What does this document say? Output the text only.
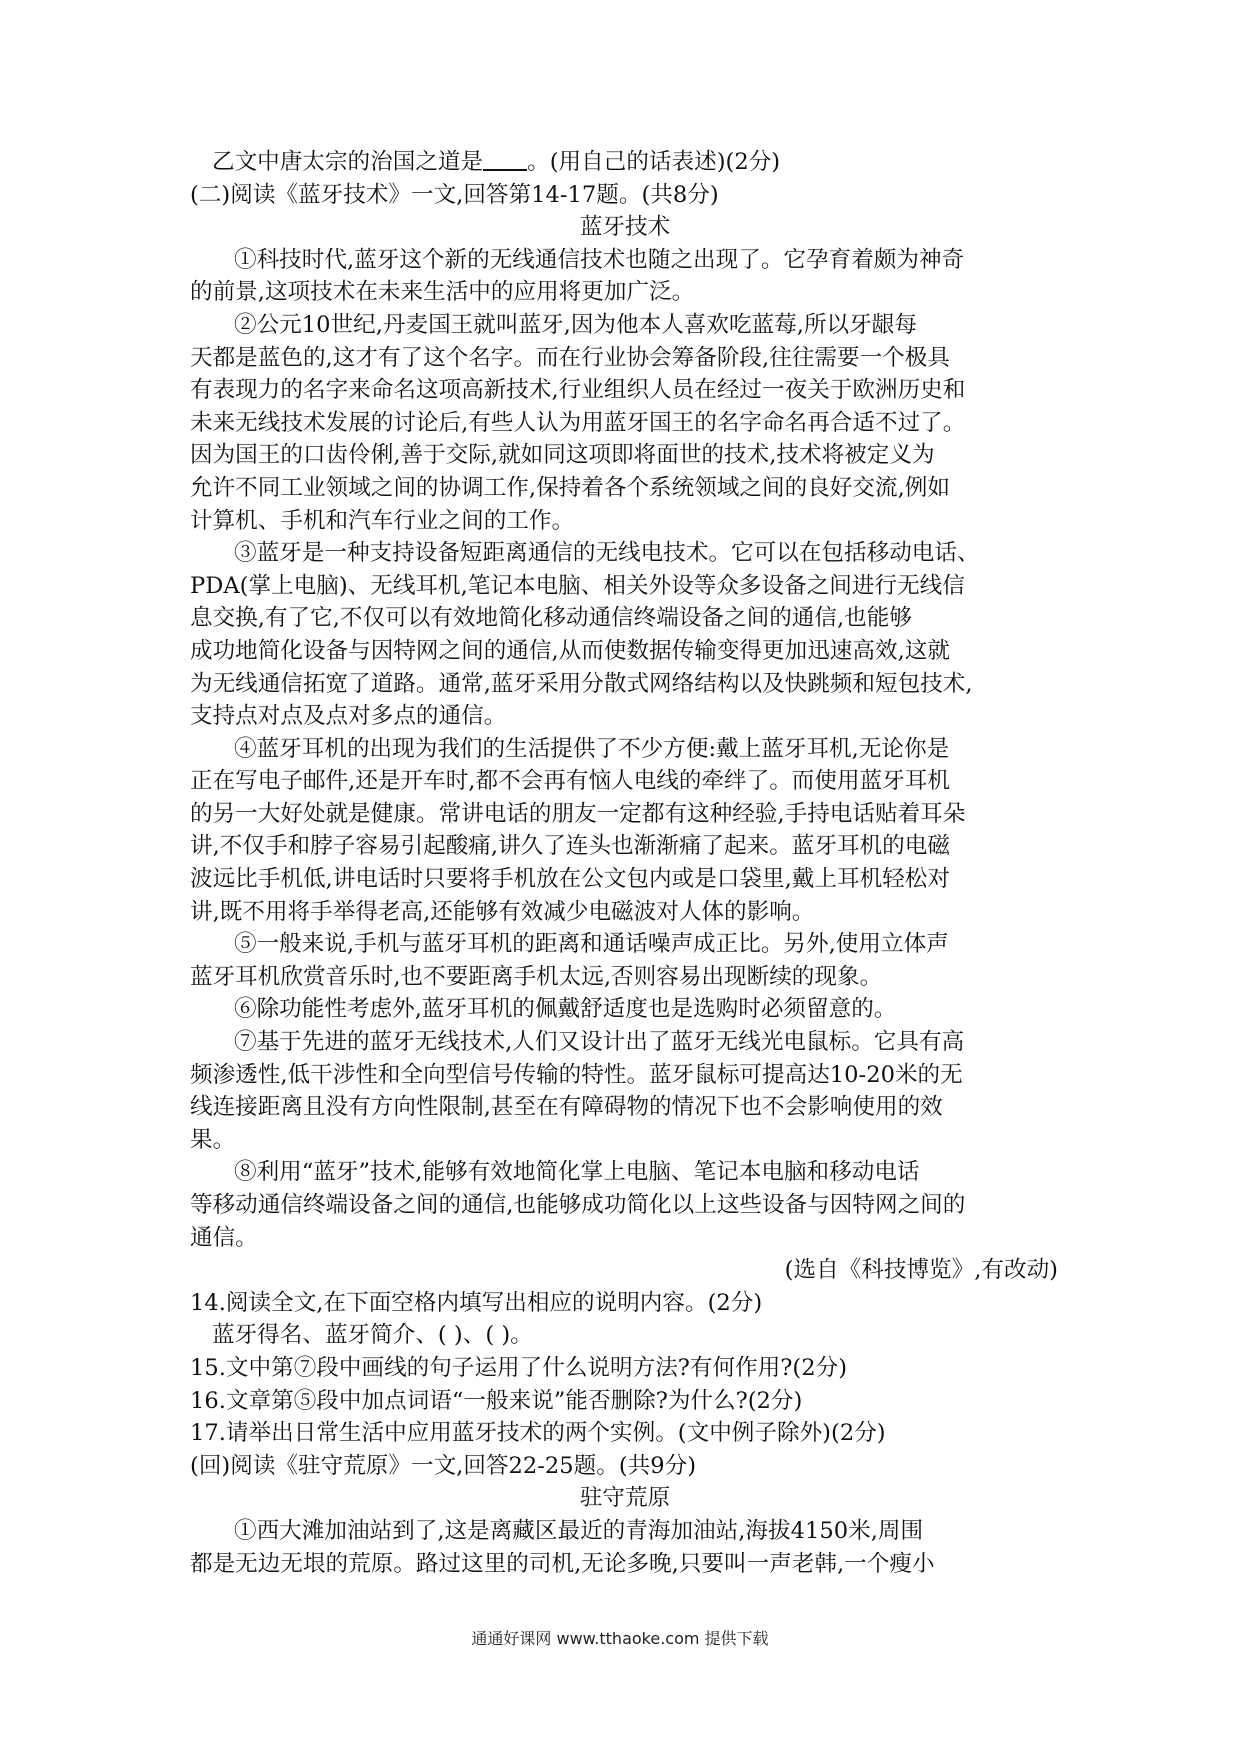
乙文中唐太宗的治国之道是 。(用自己的话表述)(2分)
(二)阅读《蓝牙技术》一文,回答第14-17题。(共8分)
蓝牙技术
①科技时代,蓝牙这个新的无线通信技术也随之出现了。它孕育着颇为神奇
的前景,这项技术在未来生活中的应用将更加广泛。
②公元10世纪,丹麦国王就叫蓝牙,因为他本人喜欢吃蓝莓,所以牙龈每
天都是蓝色的,这才有了这个名字。而在行业协会筹备阶段,往往需要一个极具
有表现力的名字来命名这项高新技术,行业组织人员在经过一夜关于欧洲历史和
未来无线技术发展的讨论后,有些人认为用蓝牙国王的名字命名再合适不过了。
因为国王的口齿伶俐,善于交际,就如同这项即将面世的技术,技术将被定义为
允许不同工业领域之间的协调工作,保持着各个系统领域之间的良好交流,例如
计算机、手机和汽车行业之间的工作。
③蓝牙是一种支持设备短距离通信的无线电技术。它可以在包括移动电话、
PDA(掌上电脑)、无线耳机,笔记本电脑、相关外设等众多设备之间进行无线信
息交换,有了它,不仅可以有效地简化移动通信终端设备之间的通信,也能够
成功地简化设备与因特网之间的通信,从而使数据传输变得更加迅速高效,这就
为无线通信拓宽了道路。通常,蓝牙采用分散式网络结构以及快跳频和短包技术,
支持点对点及点对多点的通信。
④蓝牙耳机的出现为我们的生活提供了不少方便:戴上蓝牙耳机,无论你是
正在写电子邮件,还是开车时,都不会再有恼人电线的牵绊了。而使用蓝牙耳机
的另一大好处就是健康。常讲电话的朋友一定都有这种经验,手持电话贴着耳朵
讲,不仅手和脖子容易引起酸痛,讲久了连头也渐渐痛了起来。蓝牙耳机的电磁
波远比手机低,讲电话时只要将手机放在公文包内或是口袋里,戴上耳机轻松对
讲,既不用将手举得老高,还能够有效减少电磁波对人体的影响。
⑤一般来说,手机与蓝牙耳机的距离和通话噪声成正比。另外,使用立体声
蓝牙耳机欣赏音乐时,也不要距离手机太远,否则容易出现断续的现象。
⑥除功能性考虑外,蓝牙耳机的佩戴舒适度也是选购时必须留意的。
⑦基于先进的蓝牙无线技术,人们又设计出了蓝牙无线光电鼠标。它具有高
频渗透性,低干涉性和全向型信号传输的特性。蓝牙鼠标可提高达10-20米的无
线连接距离且没有方向性限制,甚至在有障碍物的情况下也不会影响使用的效
果。
⑧利用“蓝牙”技术,能够有效地简化掌上电脑、笔记本电脑和移动电话
等移动通信终端设备之间的通信,也能够成功简化以上这些设备与因特网之间的
通信。
(选自《科技博览》,有改动)
14.阅读全文,在下面空格内填写出相应的说明内容。(2分)
蓝牙得名、蓝牙简介、( )、( )。
15.文中第⑦段中画线的句子运用了什么说明方法?有何作用?(2分)
16.文章第⑤段中加点词语“一般来说”能否删除?为什么?(2分)
17.请举出日常生活中应用蓝牙技术的两个实例。(文中例子除外)(2分)
(回)阅读《驻守荒原》一文,回答22-25题。(共9分)
驻守荒原
①西大滩加油站到了,这是离藏区最近的青海加油站,海拔4150米,周围
都是无边无垠的荒原。路过这里的司机,无论多晚,只要叫一声老韩,一个瘦小
通通好课网 www.tthaoke.com 提供下载
